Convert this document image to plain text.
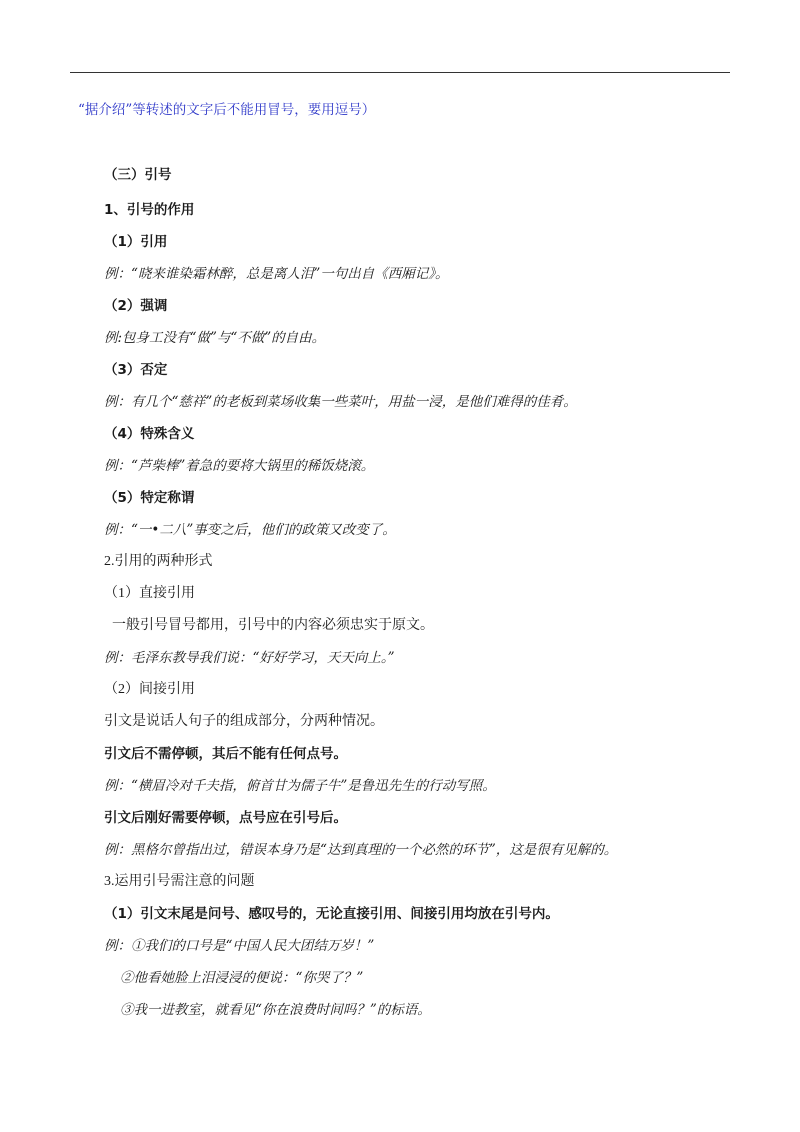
“据介绍”等转述的文字后不能用冒号，要用逗号）
（三）引号
1、引号的作用
（1）引用
例：“晓来谁染霜林醉，总是离人泪”一句出自《西厢记》。
（2）强调
例:包身工没有“做”与“不做”的自由。
（3）否定
例：有几个“慈祥”的老板到菜场收集一些菜叶，用盐一浸，是他们难得的佳肴。
（4）特殊含义
例：“芦柴棒”着急的要将大锅里的稀饭烧滚。
（5）特定称谓
例：“一•二八”事变之后，他们的政策又改变了。
2.引用的两种形式
（1）直接引用
一般引号冒号都用，引号中的内容必须忠实于原文。
例：毛泽东教导我们说：“好好学习，天天向上。”
（2）间接引用
引文是说话人句子的组成部分，分两种情况。
引文后不需停顿，其后不能有任何点号。
例：“横眉冷对千夫指，俯首甘为儒子牛”是鲁迅先生的行动写照。
引文后刚好需要停顿，点号应在引号后。
例：黑格尔曾指出过，错误本身乃是“达到真理的一个必然的环节”，这是很有见解的。
3.运用引号需注意的问题
（1）引文末尾是问号、感叹号的，无论直接引用、间接引用均放在引号内。
例：①我们的口号是“中国人民大团结万岁！”
②他看她脸上泪浸浸的便说：“你哭了？”
③我一进教室，就看见“你在浪费时间吗？”的标语。
